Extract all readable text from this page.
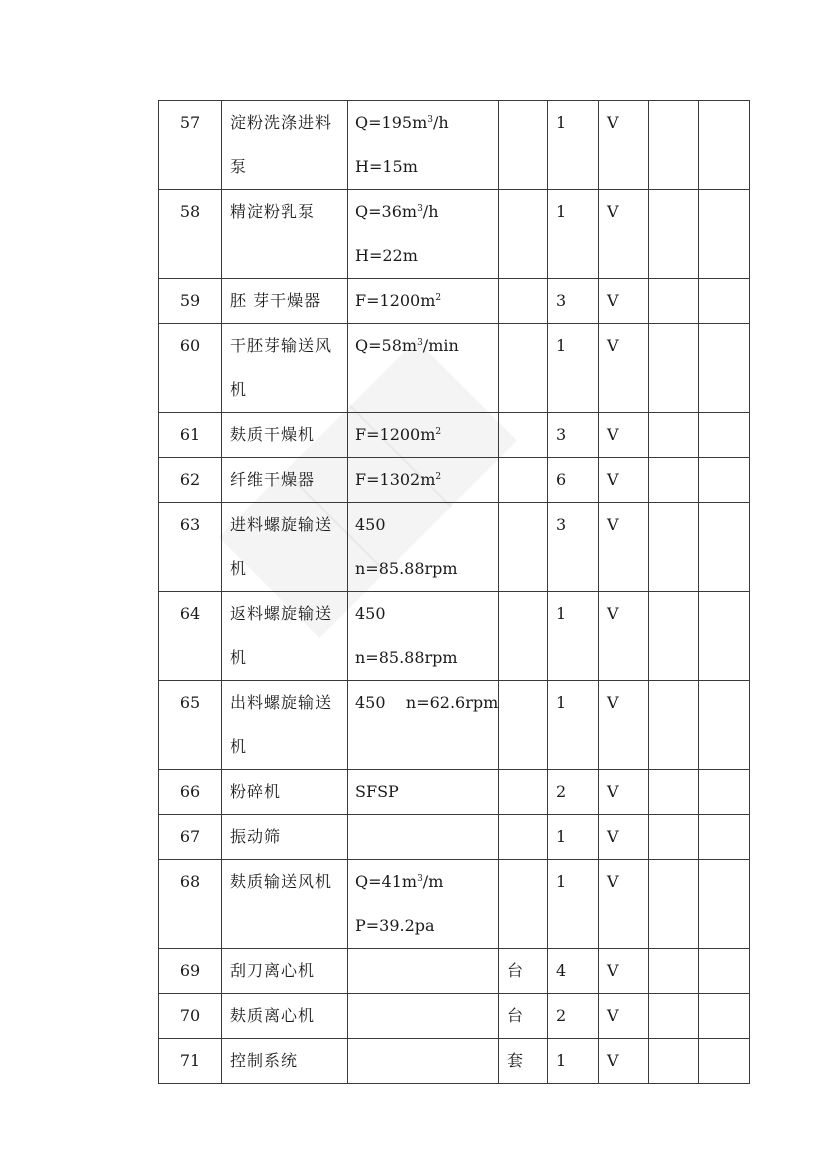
57	淀粉洗涤进料
泵	$Q=195m^3/h$
H=15m		1	V		

58	精淀粉乳泵	$Q=36m^3/h$
H=22m		1	V		

59	胚 芽干燥器	$F=1200m^2$		3	V		

60	干胚芽输送风
机	$Q=58m^3/\min$		1	V		

61	麸质干燥机	$F=1200m^2$		3	V		

62	纤维干燥器	$F=1302m^2$		6	V		

63	进料螺旋输送
机	450
n=85.88rpm		3	V		

64	返料螺旋输送
机	450
n=85.88rpm		1	V		

65	出料螺旋输送
机	450    n=62.6rpm		1	V		

66	粉碎机	SFSP		2	V		

67	振动筛			1	V		

68	麸质输送风机	$Q=41m^3/m$
P=39.2pa		1	V		

69	刮刀离心机		台	4	V		

70	麸质离心机		台	2	V		

71	控制系统		套	1	V		
